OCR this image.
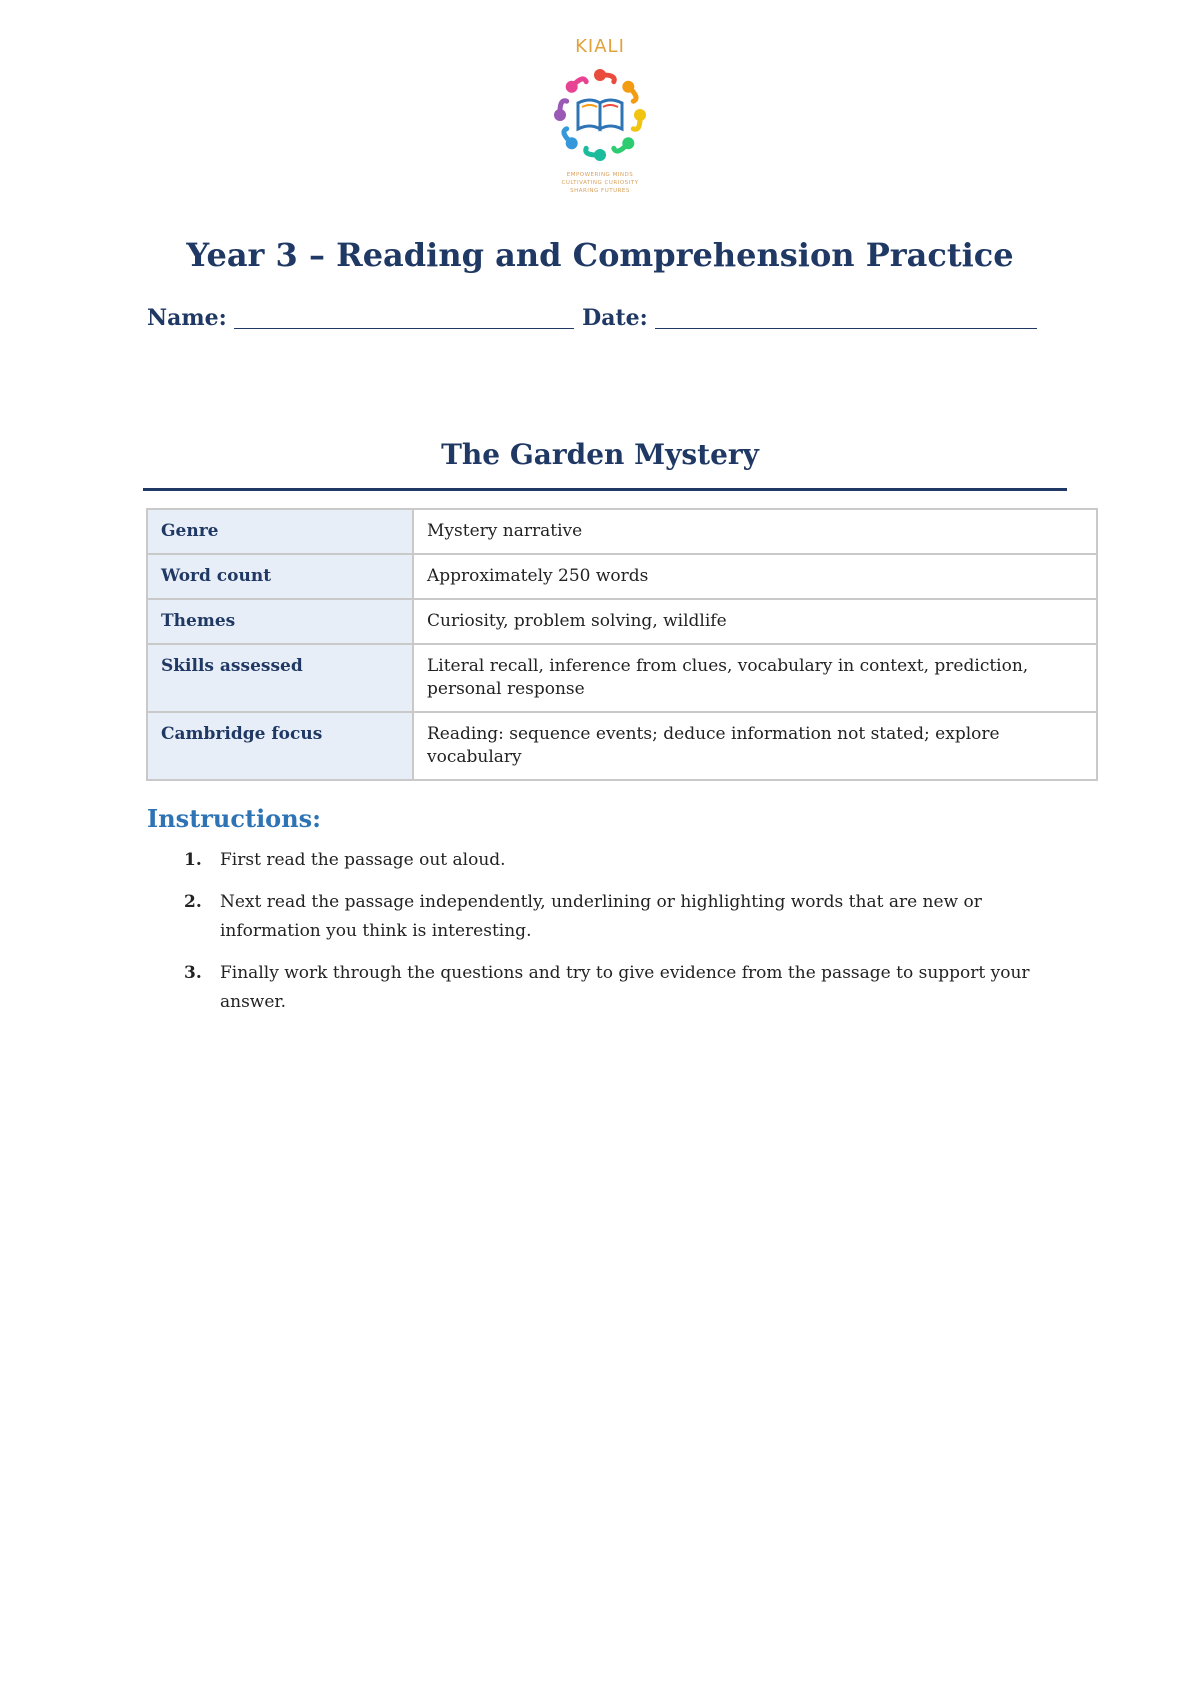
KIALI
EMPOWERING MINDS
CULTIVATING CURIOSITY
SHARING FUTURES
Year 3 – Reading and Comprehension Practice
Name:	Date:
The Garden Mystery
Genre	Mystery narrative
Word count	Approximately 250 words
Themes	Curiosity, problem solving, wildlife
Skills assessed	Literal recall, inference from clues, vocabulary in context, prediction, personal response
Cambridge focus	Reading: sequence events; deduce information not stated; explore vocabulary
Instructions:
1. First read the passage out aloud.
2. Next read the passage independently, underlining or highlighting words that are new or information you think is interesting.
3. Finally work through the questions and try to give evidence from the passage to support your answer.
